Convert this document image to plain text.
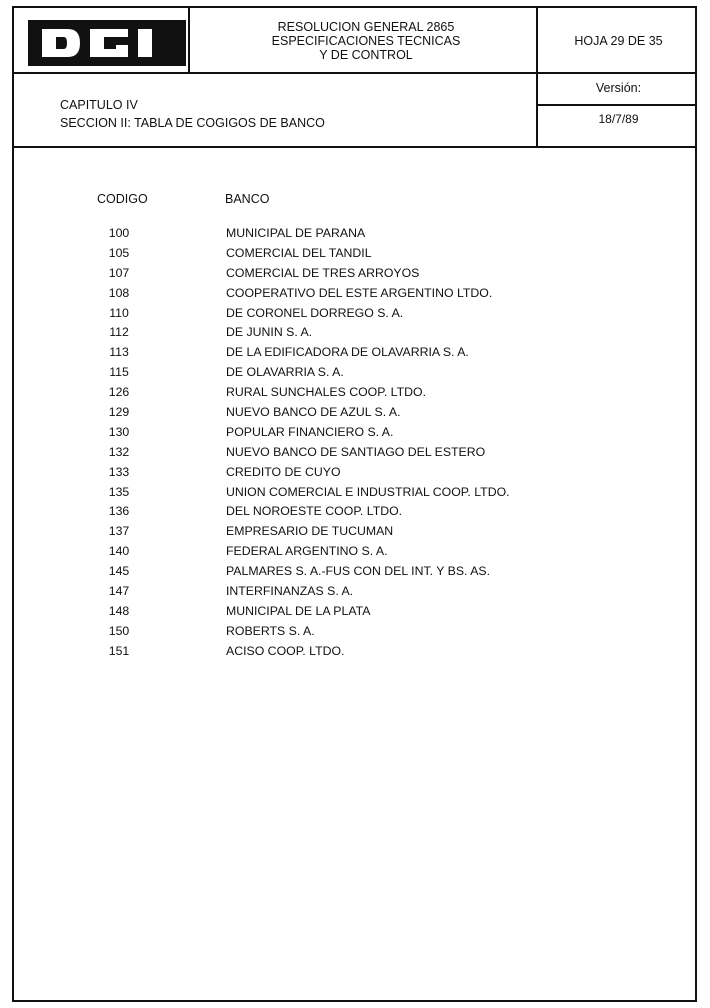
RESOLUCION GENERAL 2865
ESPECIFICACIONES TECNICAS
Y DE CONTROL
HOJA 29 DE 35
CAPITULO IV
SECCION II: TABLA DE COGIGOS DE BANCO
Versión:
18/7/89
CODIGO	BANCO
100	MUNICIPAL DE PARANA
105	COMERCIAL DEL TANDIL
107	COMERCIAL DE TRES ARROYOS
108	COOPERATIVO DEL ESTE ARGENTINO LTDO.
110	DE CORONEL DORREGO S. A.
112	DE JUNIN S. A.
113	DE LA EDIFICADORA DE OLAVARRIA S. A.
115	DE OLAVARRIA S. A.
126	RURAL SUNCHALES COOP. LTDO.
129	NUEVO BANCO DE AZUL S. A.
130	POPULAR FINANCIERO S. A.
132	NUEVO BANCO DE SANTIAGO DEL ESTERO
133	CREDITO DE CUYO
135	UNION COMERCIAL E INDUSTRIAL COOP. LTDO.
136	DEL NOROESTE COOP. LTDO.
137	EMPRESARIO DE TUCUMAN
140	FEDERAL ARGENTINO S. A.
145	PALMARES S. A.-FUS CON DEL INT. Y BS. AS.
147	INTERFINANZAS S. A.
148	MUNICIPAL DE LA PLATA
150	ROBERTS S. A.
151	ACISO COOP. LTDO.
